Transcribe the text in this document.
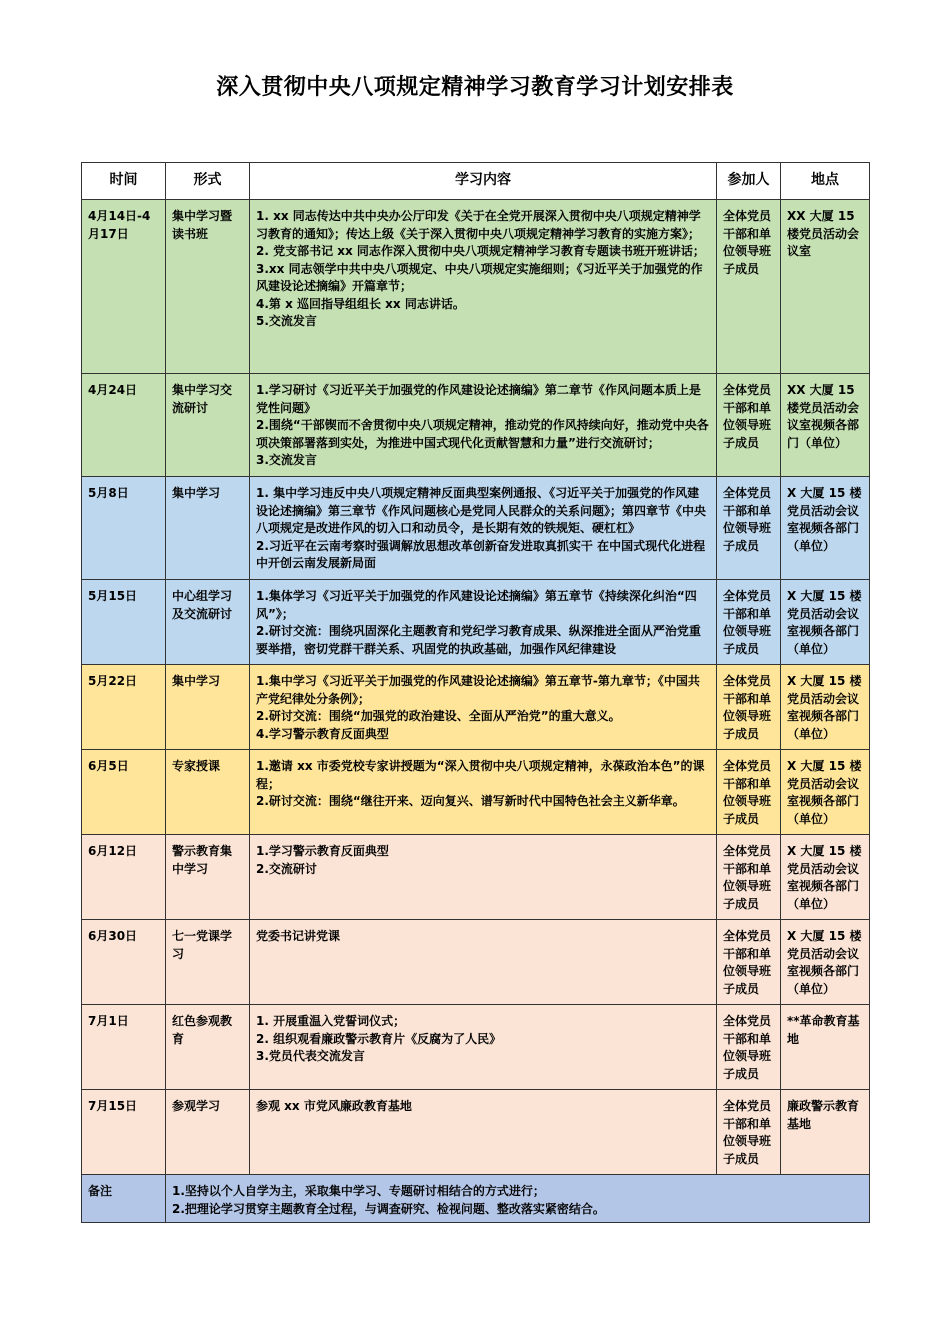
深入贯彻中央八项规定精神学习教育学习计划安排表
时间	形式	学习内容	参加人	地点
4月14日-4月17日	集中学习暨读书班	1. xx 同志传达中共中央办公厅印发《关于在全党开展深入贯彻中央八项规定精神学习教育的通知》；传达上级《关于深入贯彻中央八项规定精神学习教育的实施方案》；
2. 党支部书记 xx 同志作深入贯彻中央八项规定精神学习教育专题读书班开班讲话；
3.xx 同志领学中共中央八项规定、中央八项规定实施细则；《习近平关于加强党的作风建设论述摘编》开篇章节；
4.第 x 巡回指导组组长 xx 同志讲话。
5.交流发言	全体党员干部和单位领导班子成员	XX 大厦 15 楼党员活动会议室
4月24日	集中学习交流研讨	1.学习研讨《习近平关于加强党的作风建设论述摘编》第二章节《作风问题本质上是党性问题》
2.围绕“干部锲而不舍贯彻中央八项规定精神，推动党的作风持续向好，推动党中央各项决策部署落到实处，为推进中国式现代化贡献智慧和力量”进行交流研讨；
3.交流发言	全体党员干部和单位领导班子成员	XX 大厦 15 楼党员活动会议室视频各部门（单位）
5月8日	集中学习	1. 集中学习违反中央八项规定精神反面典型案例通报、《习近平关于加强党的作风建设论述摘编》第三章节《作风问题核心是党同人民群众的关系问题》；第四章节《中央八项规定是改进作风的切入口和动员令，是长期有效的铁规矩、硬杠杠》
2.习近平在云南考察时强调解放思想改革创新奋发进取真抓实干 在中国式现代化进程中开创云南发展新局面	全体党员干部和单位领导班子成员	X 大厦 15 楼党员活动会议室视频各部门（单位）
5月15日	中心组学习及交流研讨	1.集体学习《习近平关于加强党的作风建设论述摘编》第五章节《持续深化纠治“四风”》；
2.研讨交流：围绕巩固深化主题教育和党纪学习教育成果、纵深推进全面从严治党重要举措，密切党群干群关系、巩固党的执政基础，加强作风纪律建设	全体党员干部和单位领导班子成员	X 大厦 15 楼党员活动会议室视频各部门（单位）
5月22日	集中学习	1.集中学习《习近平关于加强党的作风建设论述摘编》第五章节-第九章节；《中国共产党纪律处分条例》；
2.研讨交流：围绕“加强党的政治建设、全面从严治党”的重大意义。
4.学习警示教育反面典型	全体党员干部和单位领导班子成员	X 大厦 15 楼党员活动会议室视频各部门（单位）
6月5日	专家授课	1.邀请 xx 市委党校专家讲授题为“深入贯彻中央八项规定精神，永葆政治本色”的课程；
2.研讨交流：围绕“继往开来、迈向复兴、谱写新时代中国特色社会主义新华章。	全体党员干部和单位领导班子成员	X 大厦 15 楼党员活动会议室视频各部门（单位）
6月12日	警示教育集中学习	1.学习警示教育反面典型
2.交流研讨	全体党员干部和单位领导班子成员	X 大厦 15 楼党员活动会议室视频各部门（单位）
6月30日	七一党课学习	党委书记讲党课	全体党员干部和单位领导班子成员	X 大厦 15 楼党员活动会议室视频各部门（单位）
7月1日	红色参观教育	1. 开展重温入党誓词仪式；
2. 组织观看廉政警示教育片《反腐为了人民》
3.党员代表交流发言	全体党员干部和单位领导班子成员	**革命教育基地
7月15日	参观学习	参观 xx 市党风廉政教育基地	全体党员干部和单位领导班子成员	廉政警示教育基地
备注	1.坚持以个人自学为主，采取集中学习、专题研讨相结合的方式进行；
2.把理论学习贯穿主题教育全过程，与调查研究、检视问题、整改落实紧密结合。			
